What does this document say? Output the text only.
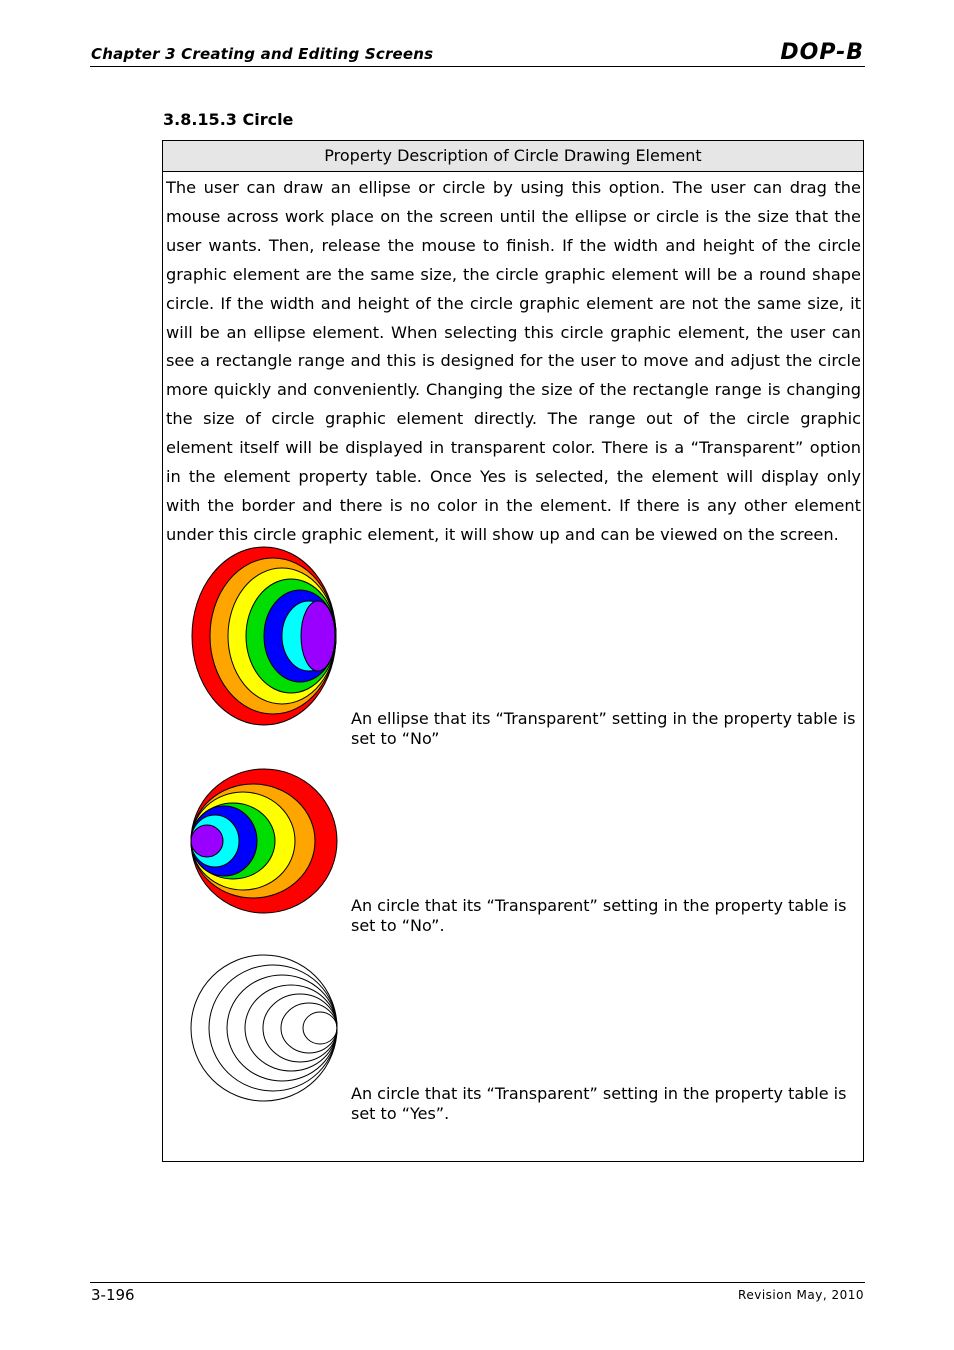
Chapter 3 Creating and Editing Screens	DOP-B
3.8.15.3 Circle
Property Description of Circle Drawing Element

The user can draw an ellipse or circle by using this option. The user can drag the mouse across work place on the screen until the ellipse or circle is the size that the user wants. Then, release the mouse to finish. If the width and height of the circle graphic element are the same size, the circle graphic element will be a round shape circle. If the width and height of the circle graphic element are not the same size, it will be an ellipse element. When selecting this circle graphic element, the user can see a rectangle range and this is designed for the user to move and adjust the circle more quickly and conveniently. Changing the size of the rectangle range is changing the size of circle graphic element directly. The range out of the circle graphic element itself will be displayed in transparent color. There is a “Transparent” option in the element property table. Once Yes is selected, the element will display only with the border and there is no color in the element. If there is any other element under this circle graphic element, it will show up and can be viewed on the screen.

An ellipse that its “Transparent” setting in the property table is set to “No”
An circle that its “Transparent” setting in the property table is set to “No”.
An circle that its “Transparent” setting in the property table is set to “Yes”.
3-196	Revision May, 2010
